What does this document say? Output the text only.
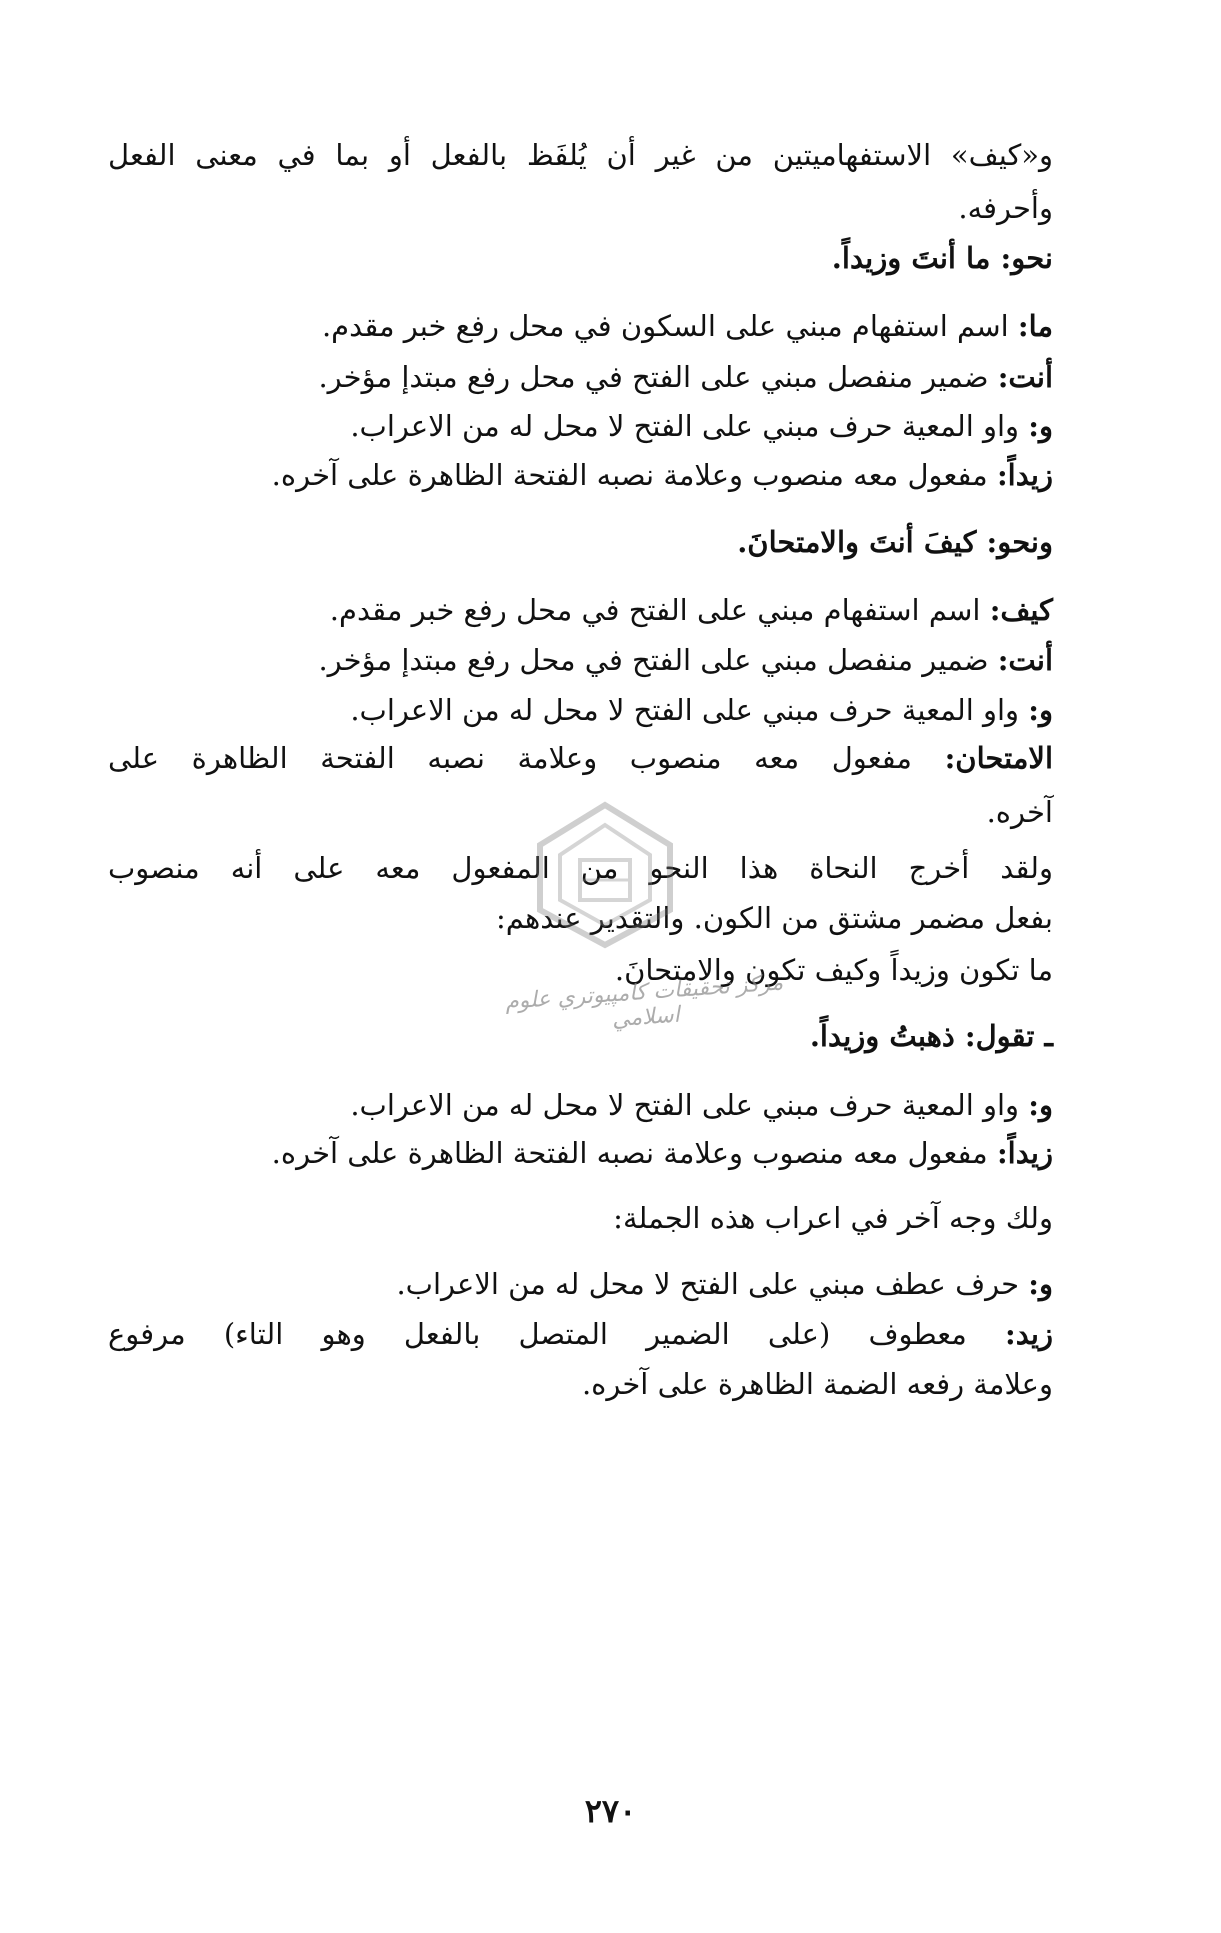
و«كيف» الاستفهاميتين من غير أن يُلفَظ بالفعل أو بما في معنى الفعل
وأحرفه.
نحو: ما أنتَ وزيداً.
ما: اسم استفهام مبني على السكون في محل رفع خبر مقدم.
أنت: ضمير منفصل مبني على الفتح في محل رفع مبتدإ مؤخر.
و: واو المعية حرف مبني على الفتح لا محل له من الاعراب.
زيداً: مفعول معه منصوب وعلامة نصبه الفتحة الظاهرة على آخره.
ونحو: كيفَ أنتَ والامتحانَ.
كيف: اسم استفهام مبني على الفتح في محل رفع خبر مقدم.
أنت: ضمير منفصل مبني على الفتح في محل رفع مبتدإ مؤخر.
و: واو المعية حرف مبني على الفتح لا محل له من الاعراب.
الامتحان: مفعول معه منصوب وعلامة نصبه الفتحة الظاهرة على
آخره.
ولقد أخرج النحاة هذا النحو من المفعول معه على أنه منصوب
بفعل مضمر مشتق من الكون. والتقدير عندهم:
ما تكون وزيداً وكيف تكون والامتحانَ.
ـ تقول: ذهبتُ وزيداً.
و: واو المعية حرف مبني على الفتح لا محل له من الاعراب.
زيداً: مفعول معه منصوب وعلامة نصبه الفتحة الظاهرة على آخره.
ولك وجه آخر في اعراب هذه الجملة:
و: حرف عطف مبني على الفتح لا محل له من الاعراب.
زيد: معطوف (على الضمير المتصل بالفعل وهو التاء) مرفوع
وعلامة رفعه الضمة الظاهرة على آخره.
مركز تحقيقات كامپيوتري علوم اسلامي
٢٧٠
